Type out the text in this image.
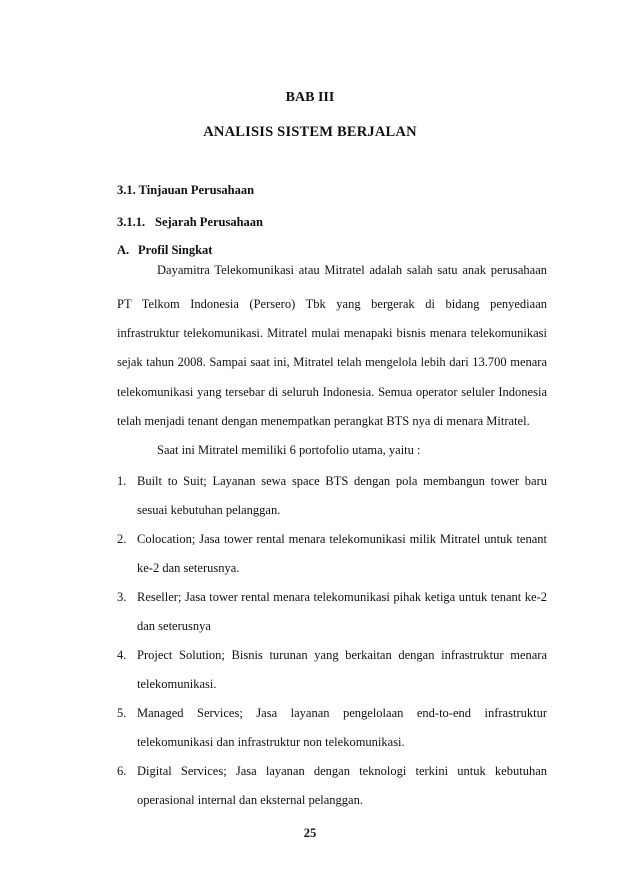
BAB III
ANALISIS SISTEM BERJALAN
3.1. Tinjauan Perusahaan
3.1.1. Sejarah Perusahaan
A. Profil Singkat
Dayamitra Telekomunikasi atau Mitratel adalah salah satu anak perusahaan
PT Telkom Indonesia (Persero) Tbk yang bergerak di bidang penyediaan
infrastruktur telekomunikasi. Mitratel mulai menapaki bisnis menara telekomunikasi
sejak tahun 2008. Sampai saat ini, Mitratel telah mengelola lebih dari 13.700 menara
telekomunikasi yang tersebar di seluruh Indonesia. Semua operator seluler Indonesia
telah menjadi tenant dengan menempatkan perangkat BTS nya di menara Mitratel.
Saat ini Mitratel memiliki 6 portofolio utama, yaitu :
1. Built to Suit; Layanan sewa space BTS dengan pola membangun tower baru
sesuai kebutuhan pelanggan.
2. Colocation; Jasa tower rental menara telekomunikasi milik Mitratel untuk tenant
ke-2 dan seterusnya.
3. Reseller; Jasa tower rental menara telekomunikasi pihak ketiga untuk tenant ke-2
dan seterusnya
4. Project Solution; Bisnis turunan yang berkaitan dengan infrastruktur menara
telekomunikasi.
5. Managed Services; Jasa layanan pengelolaan end-to-end infrastruktur
telekomunikasi dan infrastruktur non telekomunikasi.
6. Digital Services; Jasa layanan dengan teknologi terkini untuk kebutuhan
operasional internal dan eksternal pelanggan.
25
